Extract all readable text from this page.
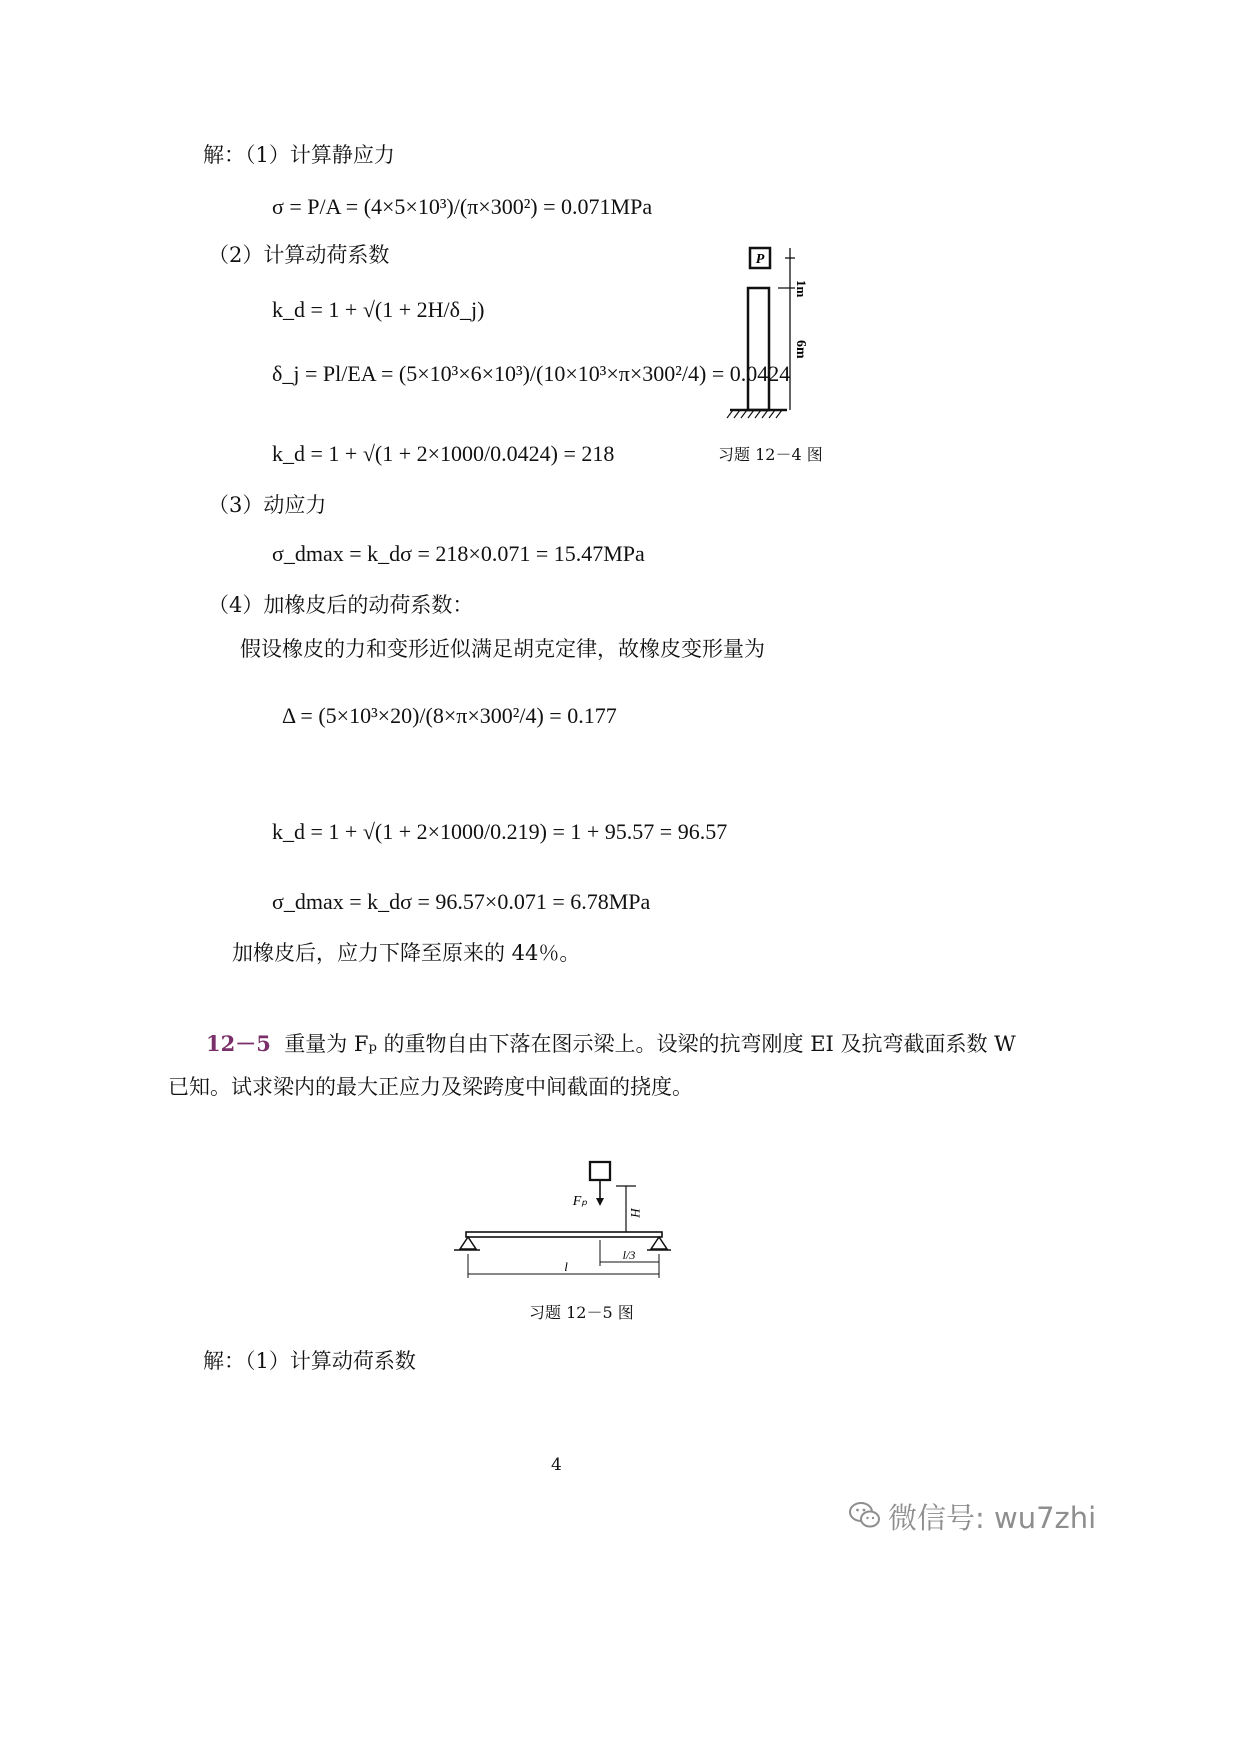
解：（1）计算静应力
σ = P/A = (4×5×10³)/(π×300²) = 0.071MPa
（2）计算动荷系数
k_d = 1 + √(1 + 2H/δ_j)
δ_j = Pl/EA = (5×10³×6×10³)/(10×10³×π×300²/4) = 0.0424
k_d = 1 + √(1 + 2×1000/0.0424) = 218
P
1m
6m
习题 12－4 图
（3）动应力
σ_dmax = k_dσ = 218×0.071 = 15.47MPa
（4）加橡皮后的动荷系数：
假设橡皮的力和变形近似满足胡克定律，故橡皮变形量为
Δ = (5×10³×20)/(8×π×300²/4) = 0.177
k_d = 1 + √(1 + 2×1000/0.219) = 1 + 95.57 = 96.57
σ_dmax = k_dσ = 96.57×0.071 = 6.78MPa
加橡皮后，应力下降至原来的 44％。
12－5 重量为 Fₚ 的重物自由下落在图示梁上。设梁的抗弯刚度 EI 及抗弯截面系数 W
已知。试求梁内的最大正应力及梁跨度中间截面的挠度。
Fₚ
H
l
l/3
习题 12－5 图
解：（1）计算动荷系数
4
微信号: wu7zhi
